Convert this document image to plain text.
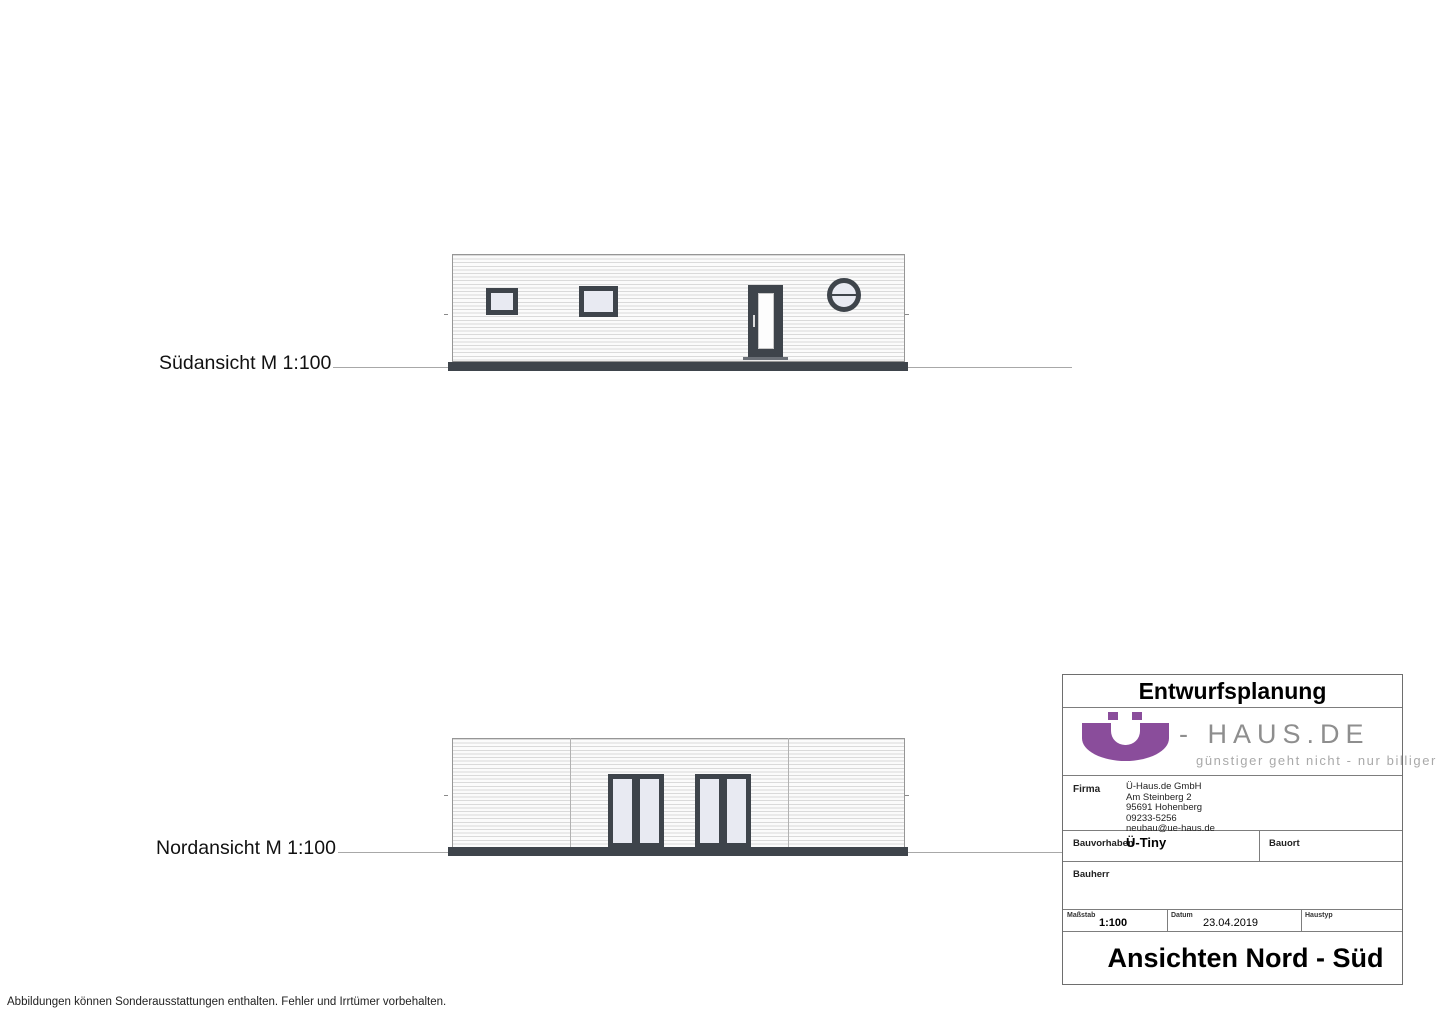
Südansicht M 1:100
Nordansicht M 1:100
Entwurfsplanung
- HAUS.DE
günstiger geht nicht - nur billiger
Firma	Ü-Haus.de GmbH
Am Steinberg 2
95691 Hohenberg
09233-5256
neubau@ue-haus.de
Bauvorhaben
Ü-Tiny	Bauort
Bauherr
Maßstab
1:100
Datum
23.04.2019
Haustyp
Ansichten Nord - Süd
Abbildungen können Sonderausstattungen enthalten. Fehler und Irrtümer vorbehalten.
